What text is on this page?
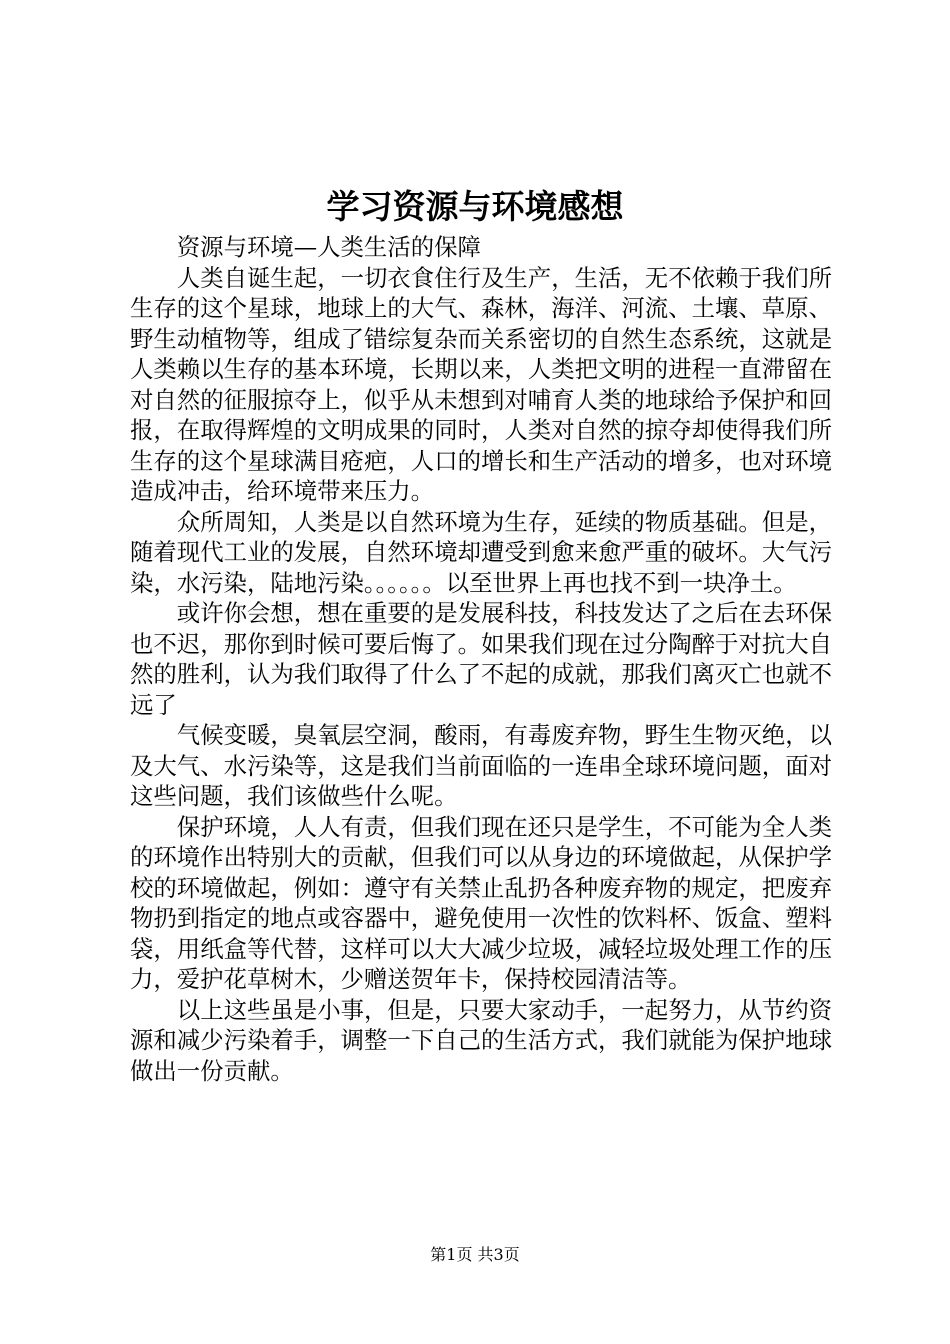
学习资源与环境感想

资源与环境—人类生活的保障

人类自诞生起，一切衣食住行及生产，生活，无不依赖于我们所生存的这个星球，地球上的大气、森林，海洋、河流、土壤、草原、野生动植物等，组成了错综复杂而关系密切的自然生态系统，这就是人类赖以生存的基本环境，长期以来，人类把文明的进程一直滞留在对自然的征服掠夺上，似乎从未想到对哺育人类的地球给予保护和回报，在取得辉煌的文明成果的同时，人类对自然的掠夺却使得我们所生存的这个星球满目疮疤，人口的增长和生产活动的增多，也对环境造成冲击，给环境带来压力。

众所周知，人类是以自然环境为生存，延续的物质基础。但是，随着现代工业的发展，自然环境却遭受到愈来愈严重的破坏。大气污染，水污染，陆地污染。。。。。。以至世界上再也找不到一块净土。

或许你会想，想在重要的是发展科技，科技发达了之后在去环保也不迟，那你到时候可要后悔了。如果我们现在过分陶醉于对抗大自然的胜利，认为我们取得了什么了不起的成就，那我们离灭亡也就不远了

气候变暖，臭氧层空洞，酸雨，有毒废弃物，野生生物灭绝，以及大气、水污染等，这是我们当前面临的一连串全球环境问题，面对这些问题，我们该做些什么呢。

保护环境，人人有责，但我们现在还只是学生，不可能为全人类的环境作出特别大的贡献，但我们可以从身边的环境做起，从保护学校的环境做起，例如：遵守有关禁止乱扔各种废弃物的规定，把废弃物扔到指定的地点或容器中，避免使用一次性的饮料杯、饭盒、塑料袋，用纸盒等代替，这样可以大大减少垃圾，减轻垃圾处理工作的压力，爱护花草树木，少赠送贺年卡，保持校园清洁等。

以上这些虽是小事，但是，只要大家动手，一起努力，从节约资源和减少污染着手，调整一下自己的生活方式，我们就能为保护地球做出一份贡献。

第1页 共3页
